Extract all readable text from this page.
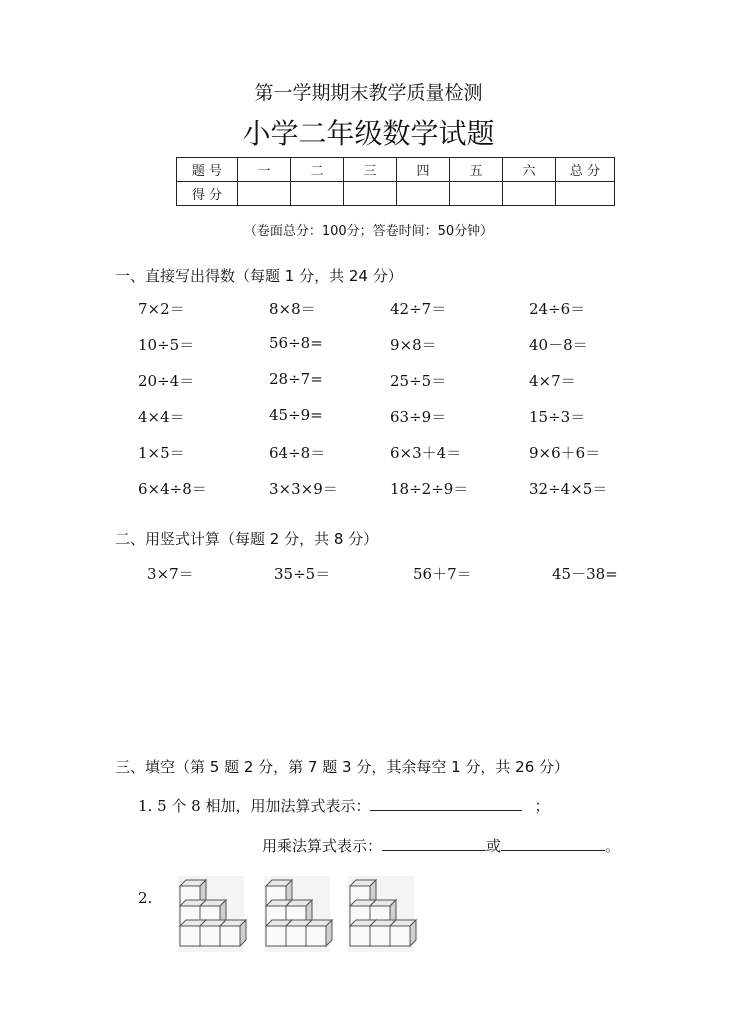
第一学期期末教学质量检测
小学二年级数学试题
题 号	一	二	三	四	五	六	总 分
得 分							
（卷面总分：100分；答卷时间：50分钟）
一、直接写出得数（每题 1 分，共 24 分）
7×2＝	8×8＝	42÷7＝	24÷6＝
10÷5＝	56÷8=	9×8＝	40－8＝
20÷4＝	28÷7=	25÷5＝	4×7＝
4×4＝	45÷9=	63÷9＝	15÷3＝
1×5＝	64÷8＝	6×3＋4＝	9×6＋6＝
6×4÷8＝	3×3×9＝	18÷2÷9＝	32÷4×5＝
二、用竖式计算（每题 2 分，共 8 分）
3×7＝	35÷5＝	56＋7＝	45－38=
三、填空（第 5 题 2 分，第 7 题 3 分，其余每空 1 分，共 26 分）
1. 5 个 8 相加，用加法算式表示：	；
用乘法算式表示：	或	。
2.
